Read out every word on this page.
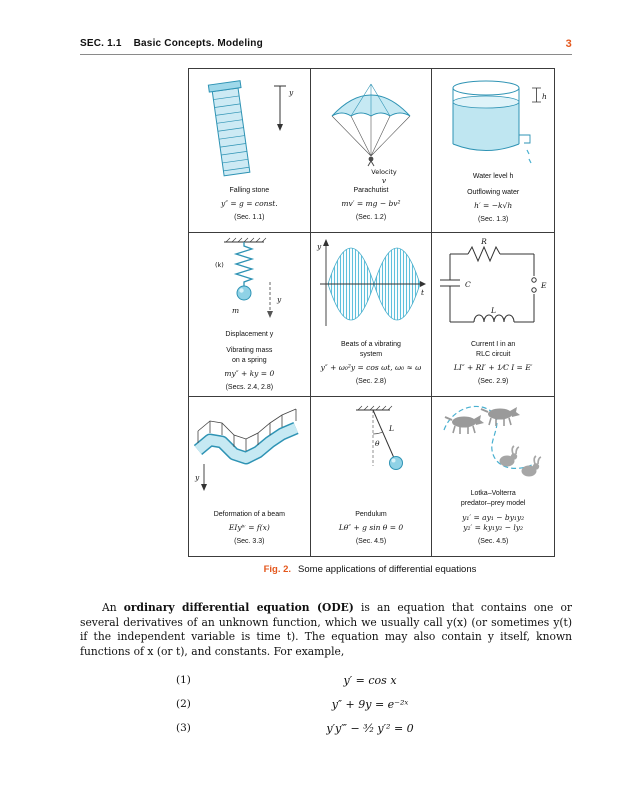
SEC. 1.1 Basic Concepts. Modeling	3
y
Falling stone
y″ = g = const.
(Sec. 1.1)
Velocity
v
Parachutist
mv′ = mg − bv²
(Sec. 1.2)
h
Water level h
Outflowing water
h′ = −k√h
(Sec. 1.3)
(k)
m
y
Displacement y
Vibrating mass
on a spring
my″ + ky = 0
(Secs. 2.4, 2.8)
y
t
Beats of a vibrating
system
y″ + ω₀²y = cos ωt, ω₀ ≈ ω
(Sec. 2.8)
R
C
L
E
Current I in an
RLC circuit
LI″ + RI′ + 1⁄C I = E′
(Sec. 2.9)
y
Deformation of a beam
EIyⁱᵛ = f(x)
(Sec. 3.3)
L
θ
Pendulum
Lθ″ + g sin θ = 0
(Sec. 4.5)
Lotka–Volterra
predator–prey model
y₁′ = ay₁ − by₁y₂
y₂′ = ky₁y₂ − ly₂
(Sec. 4.5)
Fig. 2. Some applications of differential equations

An ordinary differential equation (ODE) is an equation that contains one or several derivatives of an unknown function, which we usually call y(x) (or sometimes y(t) if the independent variable is time t). The equation may also contain y itself, known functions of x (or t), and constants. For example,

(1)	y′ = cos x
(2)	y″ + 9y = e⁻²ˣ
(3)	y′y‴ − ³⁄₂ y′² = 0
